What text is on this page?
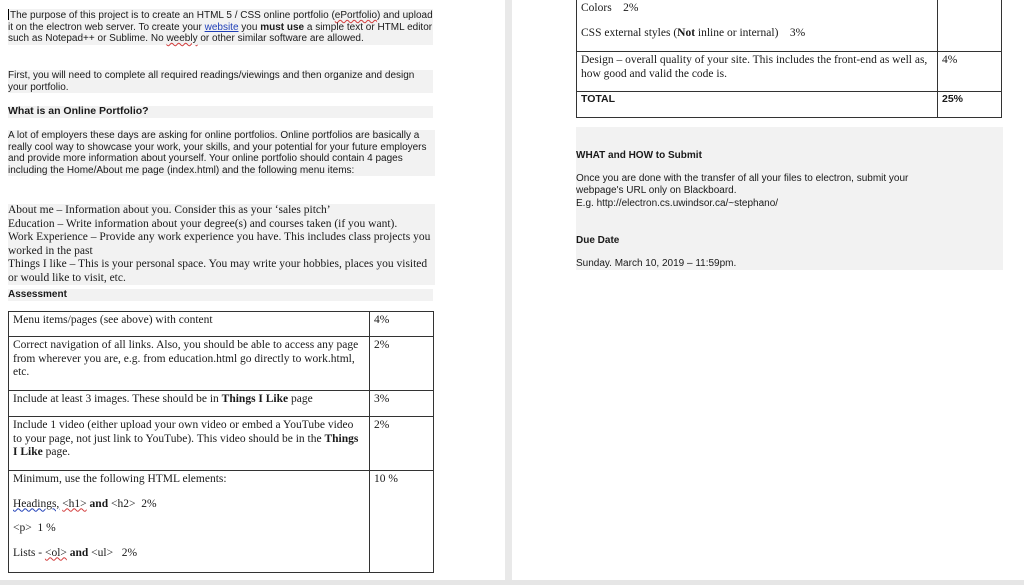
The purpose of this project is to create an HTML 5 / CSS online portfolio (ePortfolio) and upload it on the electron web server. To create your website you must use a simple text or HTML editor such as Notepad++ or Sublime. No weebly or other similar software are allowed.
First, you will need to complete all required readings/viewings and then organize and design your portfolio.
What is an Online Portfolio?
A lot of employers these days are asking for online portfolios. Online portfolios are basically a really cool way to showcase your work, your skills, and your potential for your future employers and provide more information about yourself. Your online portfolio should contain 4 pages including the Home/About me page (index.html) and the following menu items:
About me – Information about you. Consider this as your ‘sales pitch’
Education – Write information about your degree(s) and courses taken (if you want).
Work Experience – Provide any work experience you have. This includes class projects you worked in the past
Things I like – This is your personal space. You may write your hobbies, places you visited or would like to visit, etc.
Assessment
Menu items/pages (see above) with content	4%
Correct navigation of all links. Also, you should be able to access any page from wherever you are, e.g. from education.html go directly to work.html, etc.	2%
Include at least 3 images. These should be in Things I Like page	3%
Include 1 video (either upload your own video or embed a YouTube video to your page, not just link to YouTube). This video should be in the Things I Like page.	2%

Minimum, use the following HTML elements:
Headings, <h1> and <h2> 2%
<p> 1 %
Lists - <ol> and <ul> 2%	10 %
Colors    2%
CSS external styles (Not inline or internal)    3%	

Design – overall quality of your site. This includes the front-end as well as, how good and valid the code is.	4%
TOTAL	25%
WHAT and HOW to Submit
Once you are done with the transfer of all your files to electron, submit your webpage's URL only on Blackboard.
E.g. http://electron.cs.uwindsor.ca/~stephano/
Due Date
Sunday. March 10, 2019 – 11:59pm.
